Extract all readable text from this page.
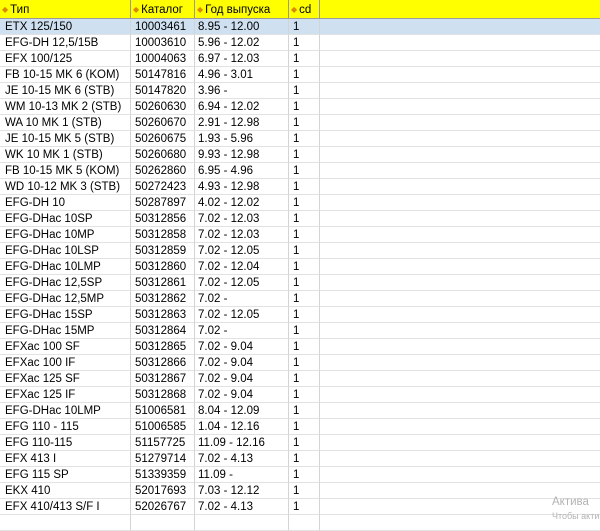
◆ Тип	◆ Каталог	◆ Год выпуска	◆ cd
ETX 125/150	10003461	8.95 - 12.00	1
EFG-DH 12,5/15B	10003610	5.96 - 12.02	1
EFX 100/125	10004063	6.97 - 12.03	1
FB 10-15 MK 6 (KOM)	50147816	4.96 - 3.01	1
JE 10-15 MK 6 (STB)	50147820	3.96 -	1
WM 10-13 MK 2 (STB)	50260630	6.94 - 12.02	1
WA 10 MK 1 (STB)	50260670	2.91 - 12.98	1
JE 10-15 MK 5 (STB)	50260675	1.93 - 5.96	1
WK 10 MK 1 (STB)	50260680	9.93 - 12.98	1
FB 10-15 MK 5 (KOM)	50262860	6.95 - 4.96	1
WD 10-12 MK 3 (STB)	50272423	4.93 - 12.98	1
EFG-DH 10	50287897	4.02 - 12.02	1
EFG-DHac 10SP	50312856	7.02 - 12.03	1
EFG-DHac 10MP	50312858	7.02 - 12.03	1
EFG-DHac 10LSP	50312859	7.02 - 12.05	1
EFG-DHac 10LMP	50312860	7.02 - 12.04	1
EFG-DHac 12,5SP	50312861	7.02 - 12.05	1
EFG-DHac 12,5MP	50312862	7.02 -	1
EFG-DHac 15SP	50312863	7.02 - 12.05	1
EFG-DHac 15MP	50312864	7.02 -	1
EFXac 100 SF	50312865	7.02 - 9.04	1
EFXac 100 IF	50312866	7.02 - 9.04	1
EFXac 125 SF	50312867	7.02 - 9.04	1
EFXac 125 IF	50312868	7.02 - 9.04	1
EFG-DHac 10LMP	51006581	8.04 - 12.09	1
EFG 110 - 115	51006585	1.04 - 12.16	1
EFG 110-115	51157725	11.09 - 12.16	1
EFX 413 I	51279714	7.02 - 4.13	1
EFG 115 SP	51339359	11.09 -	1
EKX 410	52017693	7.03 - 12.12	1
EFX 410/413 S/F I	52026767	7.02 - 4.13	1	Актива
Чтобы акти
